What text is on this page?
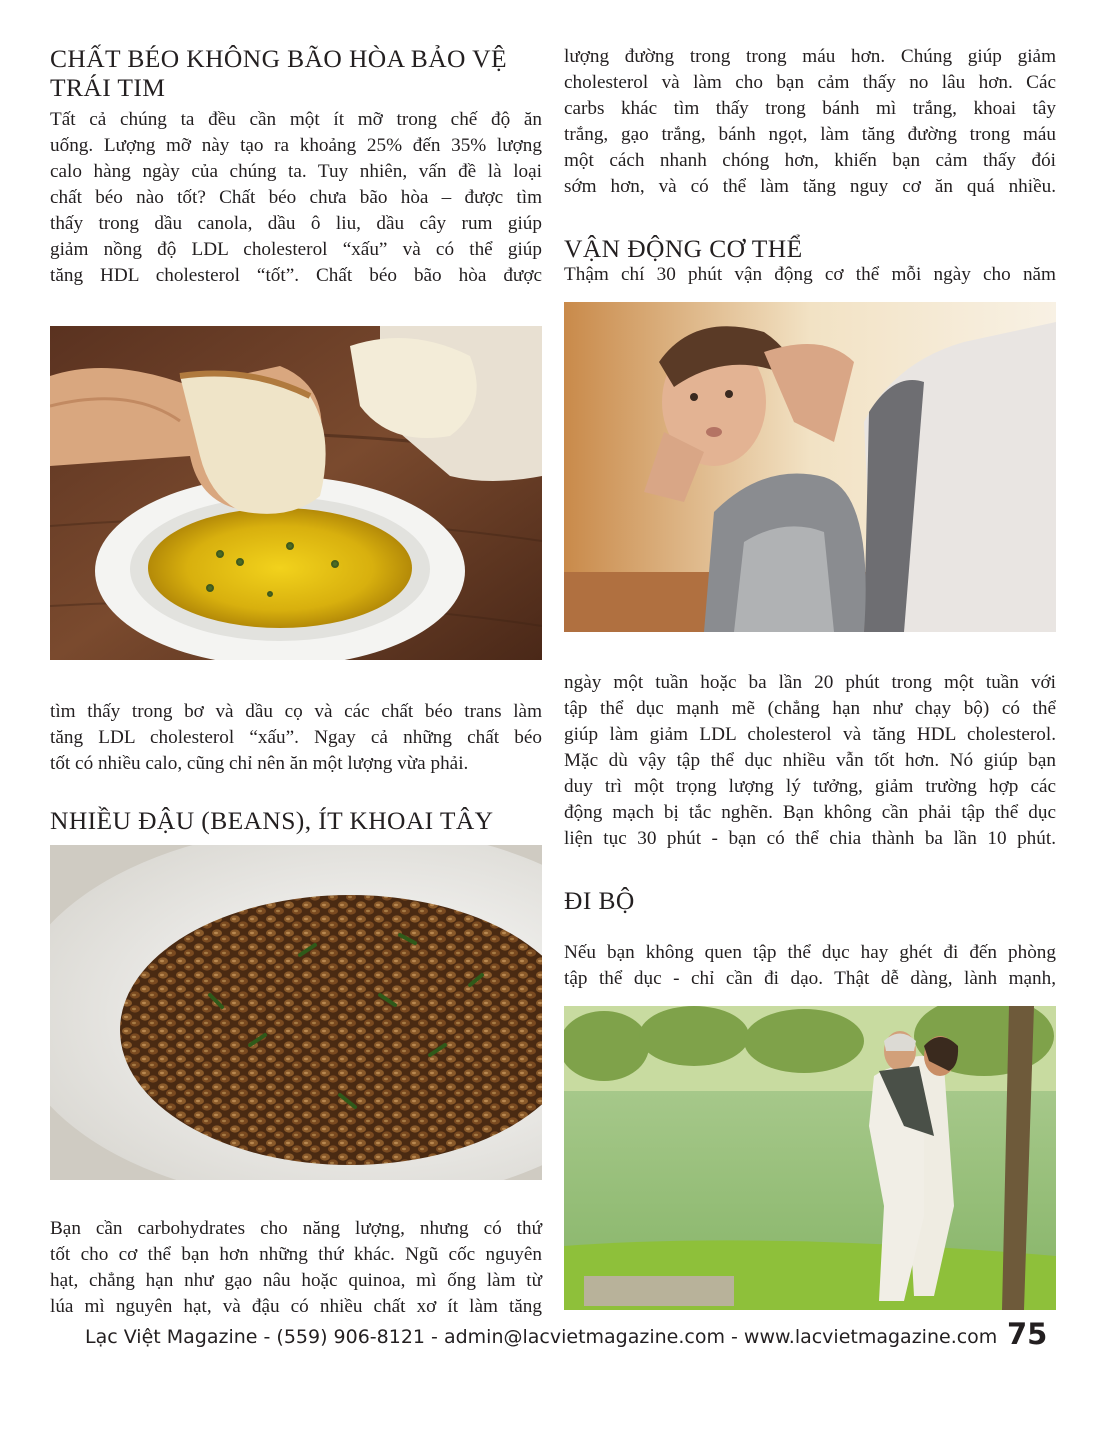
CHẤT BÉO KHÔNG BÃO HÒA BẢO VỆ
TRÁI TIM

Tất cả chúng ta đều cần một ít mỡ trong chế độ ăn

uống. Lượng mỡ này tạo ra khoảng 25% đến 35% lượng

calo hàng ngày của chúng ta. Tuy nhiên, vấn đề là loại

chất béo nào tốt? Chất béo chưa bão hòa – được tìm

thấy trong dầu canola, dầu ô liu, dầu cây rum giúp

giảm nồng độ LDL cholesterol “xấu” và có thể giúp

tăng HDL cholesterol “tốt”. Chất béo bão hòa được

tìm thấy trong bơ và dầu cọ và các chất béo trans làm

tăng LDL cholesterol “xấu”. Ngay cả những chất béo

tốt có nhiều calo, cũng chỉ nên ăn một lượng vừa phải.

NHIỀU ĐẬU (BEANS), ÍT KHOAI TÂY

Bạn cần carbohydrates cho năng lượng, nhưng có thứ

tốt cho cơ thể bạn hơn những thứ khác. Ngũ cốc nguyên

hạt, chẳng hạn như gạo nâu hoặc quinoa, mì ống làm từ

lúa mì nguyên hạt, và đậu có nhiều chất xơ ít làm tăng

lượng đường trong trong máu hơn. Chúng giúp giảm

cholesterol và làm cho bạn cảm thấy no lâu hơn. Các

carbs khác tìm thấy trong bánh mì trắng, khoai tây

trắng, gạo trắng, bánh ngọt, làm tăng đường trong máu

một cách nhanh chóng hơn, khiến bạn cảm thấy đói

sớm hơn, và có thể làm tăng nguy cơ ăn quá nhiều.

VẬN ĐỘNG CƠ THỂ

Thậm chí 30 phút vận động cơ thể mỗi ngày cho năm

ngày một tuần hoặc ba lần 20 phút trong một tuần với

tập thể dục mạnh mẽ (chẳng hạn như chạy bộ) có thể

giúp làm giảm LDL cholesterol và tăng HDL cholesterol.

Mặc dù vậy tập thể dục nhiều vẫn tốt hơn. Nó giúp bạn

duy trì một trọng lượng lý tưởng, giảm trường hợp các

động mạch bị tắc nghẽn. Bạn không cần phải tập thể dục

liện tục 30 phút - bạn có thể chia thành ba lần 10 phút.

ĐI BỘ

Nếu bạn không quen tập thể dục hay ghét đi đến phòng

tập thể dục - chỉ cần đi dạo. Thật dễ dàng, lành mạnh,

Lạc Việt Magazine - (559) 906-8121 - admin@lacvietmagazine.com - www.lacvietmagazine.com 75
